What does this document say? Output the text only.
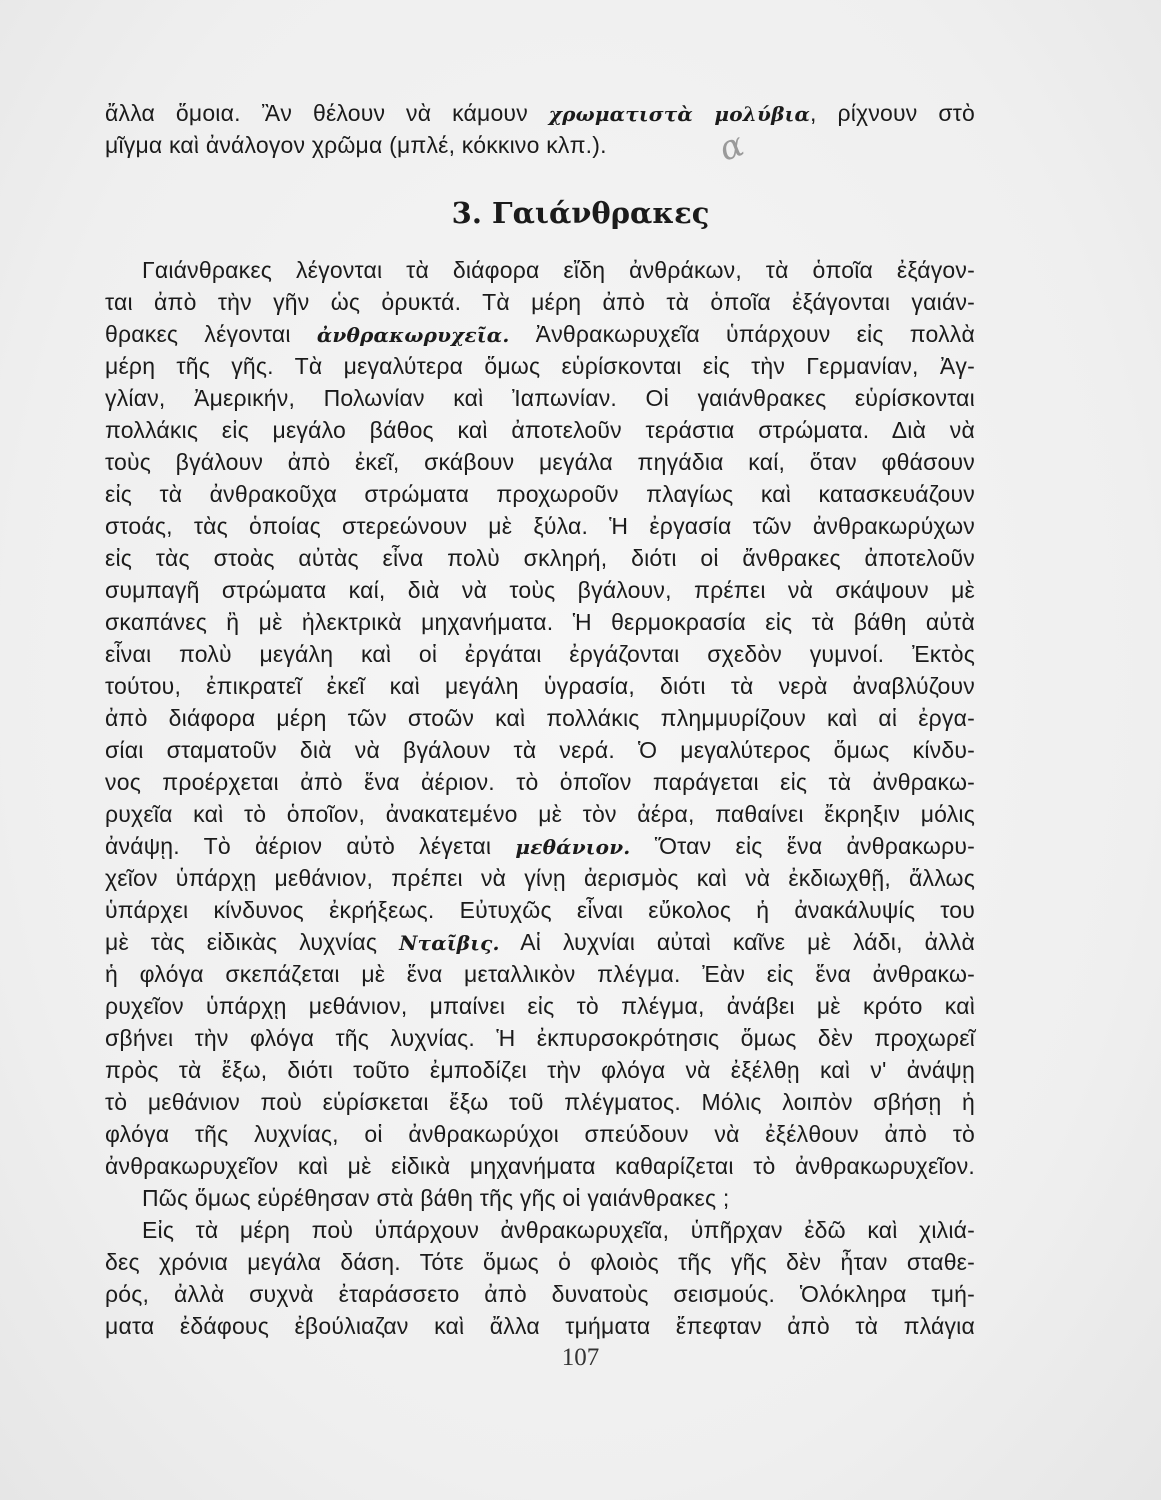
ἄλλα ὅμοια. Ἂν θέλουν νὰ κάμουν χρωματιστὰ μολύβια, ρίχνουν στὸ
μῖγμα καὶ ἀνάλογον χρῶμα (μπλέ, κόκκινο κλπ.).	α
3. Γαιάνθρακες
Γαιάνθρακες λέγονται τὰ διάφορα εἴδη ἀνθράκων, τὰ ὁποῖα ἐξάγον-
ται ἀπὸ τὴν γῆν ὡς ὀρυκτά. Τὰ μέρη ἀπὸ τὰ ὁποῖα ἐξάγονται γαιάν-
θρακες λέγονται ἀνθρακωρυχεῖα. Ἀνθρακωρυχεῖα ὑπάρχουν εἰς πολλὰ
μέρη τῆς γῆς. Τὰ μεγαλύτερα ὅμως εὑρίσκονται εἰς τὴν Γερμανίαν, Ἀγ-
γλίαν, Ἀμερικήν, Πολωνίαν καὶ Ἰαπωνίαν. Οἱ γαιάνθρακες εὑρίσκονται
πολλάκις εἰς μεγάλο βάθος καὶ ἀποτελοῦν τεράστια στρώματα. Διὰ νὰ
τοὺς βγάλουν ἀπὸ ἐκεῖ, σκάβουν μεγάλα πηγάδια καί, ὅταν φθάσουν
εἰς τὰ ἀνθρακοῦχα στρώματα προχωροῦν πλαγίως καὶ κατασκευάζουν
στοάς, τὰς ὁποίας στερεώνουν μὲ ξύλα. Ἡ ἐργασία τῶν ἀνθρακωρύχων
εἰς τὰς στοὰς αὐτὰς εἶνα πολὺ σκληρή, διότι οἱ ἄνθρακες ἀποτελοῦν
συμπαγῆ στρώματα καί, διὰ νὰ τοὺς βγάλουν, πρέπει νὰ σκάψουν μὲ
σκαπάνες ἢ μὲ ἠλεκτρικὰ μηχανήματα. Ἡ θερμοκρασία εἰς τὰ βάθη αὐτὰ
εἶναι πολὺ μεγάλη καὶ οἱ ἐργάται ἐργάζονται σχεδὸν γυμνοί. Ἐκτὸς
τούτου, ἐπικρατεῖ ἐκεῖ καὶ μεγάλη ὑγρασία, διότι τὰ νερὰ ἀναβλύζουν
ἀπὸ διάφορα μέρη τῶν στοῶν καὶ πολλάκις πλημμυρίζουν καὶ αἱ ἐργα-
σίαι σταματοῦν διὰ νὰ βγάλουν τὰ νερά. Ὁ μεγαλύτερος ὅμως κίνδυ-
νος προέρχεται ἀπὸ ἕνα ἀέριον. τὸ ὁποῖον παράγεται εἰς τὰ ἀνθρακω-
ρυχεῖα καὶ τὸ ὁποῖον, ἀνακατεμένο μὲ τὸν ἀέρα, παθαίνει ἔκρηξιν μόλις
ἀνάψῃ. Τὸ ἀέριον αὐτὸ λέγεται μεθάνιον. Ὅταν εἰς ἕνα ἀνθρακωρυ-
χεῖον ὑπάρχῃ μεθάνιον, πρέπει νὰ γίνῃ ἀερισμὸς καὶ νὰ ἐκδιωχθῇ, ἄλλως
ὑπάρχει κίνδυνος ἐκρήξεως. Εὐτυχῶς εἶναι εὔκολος ἡ ἀνακάλυψίς του
μὲ τὰς εἰδικὰς λυχνίας Νταῖβις. Αἱ λυχνίαι αὐταὶ καῖνε μὲ λάδι, ἀλλὰ
ἡ φλόγα σκεπάζεται μὲ ἕνα μεταλλικὸν πλέγμα. Ἐὰν εἰς ἕνα ἀνθρακω-
ρυχεῖον ὑπάρχῃ μεθάνιον, μπαίνει εἰς τὸ πλέγμα, ἀνάβει μὲ κρότο καὶ
σβήνει τὴν φλόγα τῆς λυχνίας. Ἡ ἐκπυρσοκρότησις ὅμως δὲν προχωρεῖ
πρὸς τὰ ἔξω, διότι τοῦτο ἐμποδίζει τὴν φλόγα νὰ ἐξέλθῃ καὶ ν' ἀνάψῃ
τὸ μεθάνιον ποὺ εὑρίσκεται ἔξω τοῦ πλέγματος. Μόλις λοιπὸν σβήσῃ ἡ
φλόγα τῆς λυχνίας, οἱ ἀνθρακωρύχοι σπεύδουν νὰ ἐξέλθουν ἀπὸ τὸ
ἀνθρακωρυχεῖον καὶ μὲ εἰδικὰ μηχανήματα καθαρίζεται τὸ ἀνθρακωρυχεῖον.
Πῶς ὅμως εὑρέθησαν στὰ βάθη τῆς γῆς οἱ γαιάνθρακες ;
Εἰς τὰ μέρη ποὺ ὑπάρχουν ἀνθρακωρυχεῖα, ὑπῆρχαν ἐδῶ καὶ χιλιά-
δες χρόνια μεγάλα δάση. Τότε ὅμως ὁ φλοιὸς τῆς γῆς δὲν ἦταν σταθε-
ρός, ἀλλὰ συχνὰ ἐταράσσετο ἀπὸ δυνατοὺς σεισμούς. Ὁλόκληρα τμή-
ματα ἐδάφους ἐβούλιαζαν καὶ ἄλλα τμήματα ἔπεφταν ἀπὸ τὰ πλάγια
107
